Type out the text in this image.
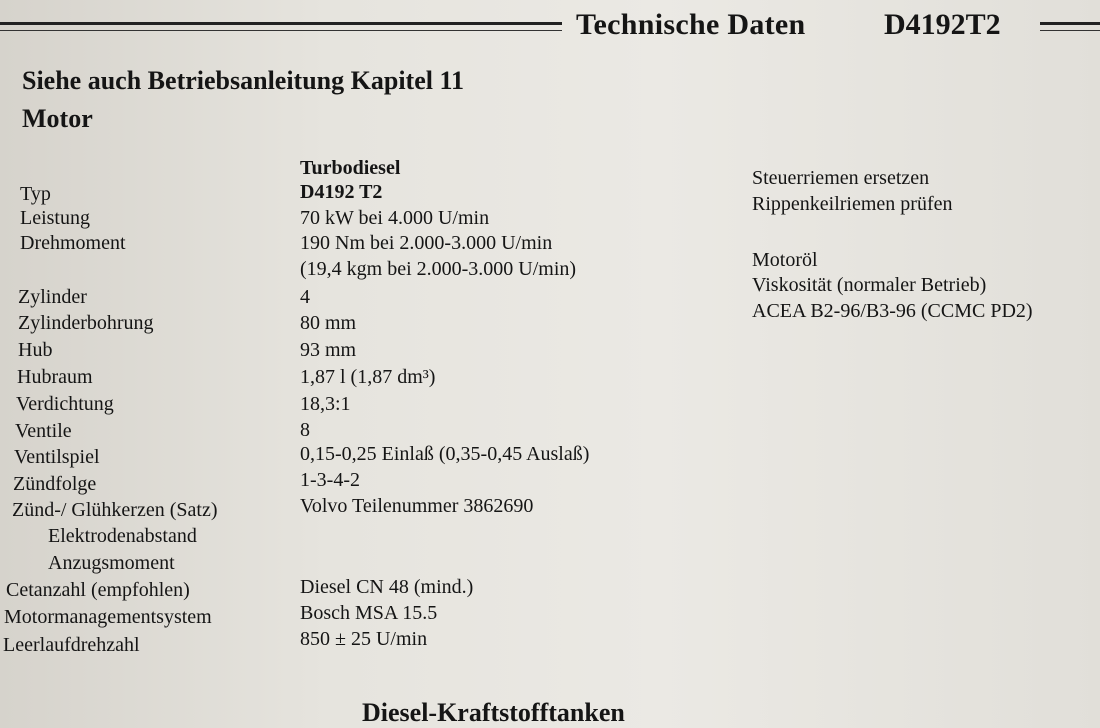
Technische Daten	D4192T2
Siehe auch Betriebsanleitung Kapitel 11
Motor
Turbodiesel
D4192 T2
Typ
Leistung
Drehmoment
Zylinder
Zylinderbohrung
Hub
Hubraum
Verdichtung
Ventile
Ventilspiel
Zündfolge
Zünd-/ Glühkerzen (Satz)
Elektrodenabstand
Anzugsmoment
Cetanzahl (empfohlen)
Motormanagementsystem
Leerlaufdrehzahl
70 kW bei 4.000 U/min
190 Nm bei 2.000-3.000 U/min
(19,4 kgm bei 2.000-3.000 U/min)
4
80 mm
93 mm
1,87 l (1,87 dm³)
18,3:1
8
0,15-0,25 Einlaß (0,35-0,45 Auslaß)
1-3-4-2
Volvo Teilenummer 3862690
Diesel CN 48 (mind.)
Bosch MSA 15.5
850 ± 25 U/min
Steuerriemen ersetzen
Rippenkeilriemen prüfen
Motoröl
Viskosität (normaler Betrieb)
ACEA B2-96/B3-96 (CCMC PD2)
Diesel-Kraftstofftanken
